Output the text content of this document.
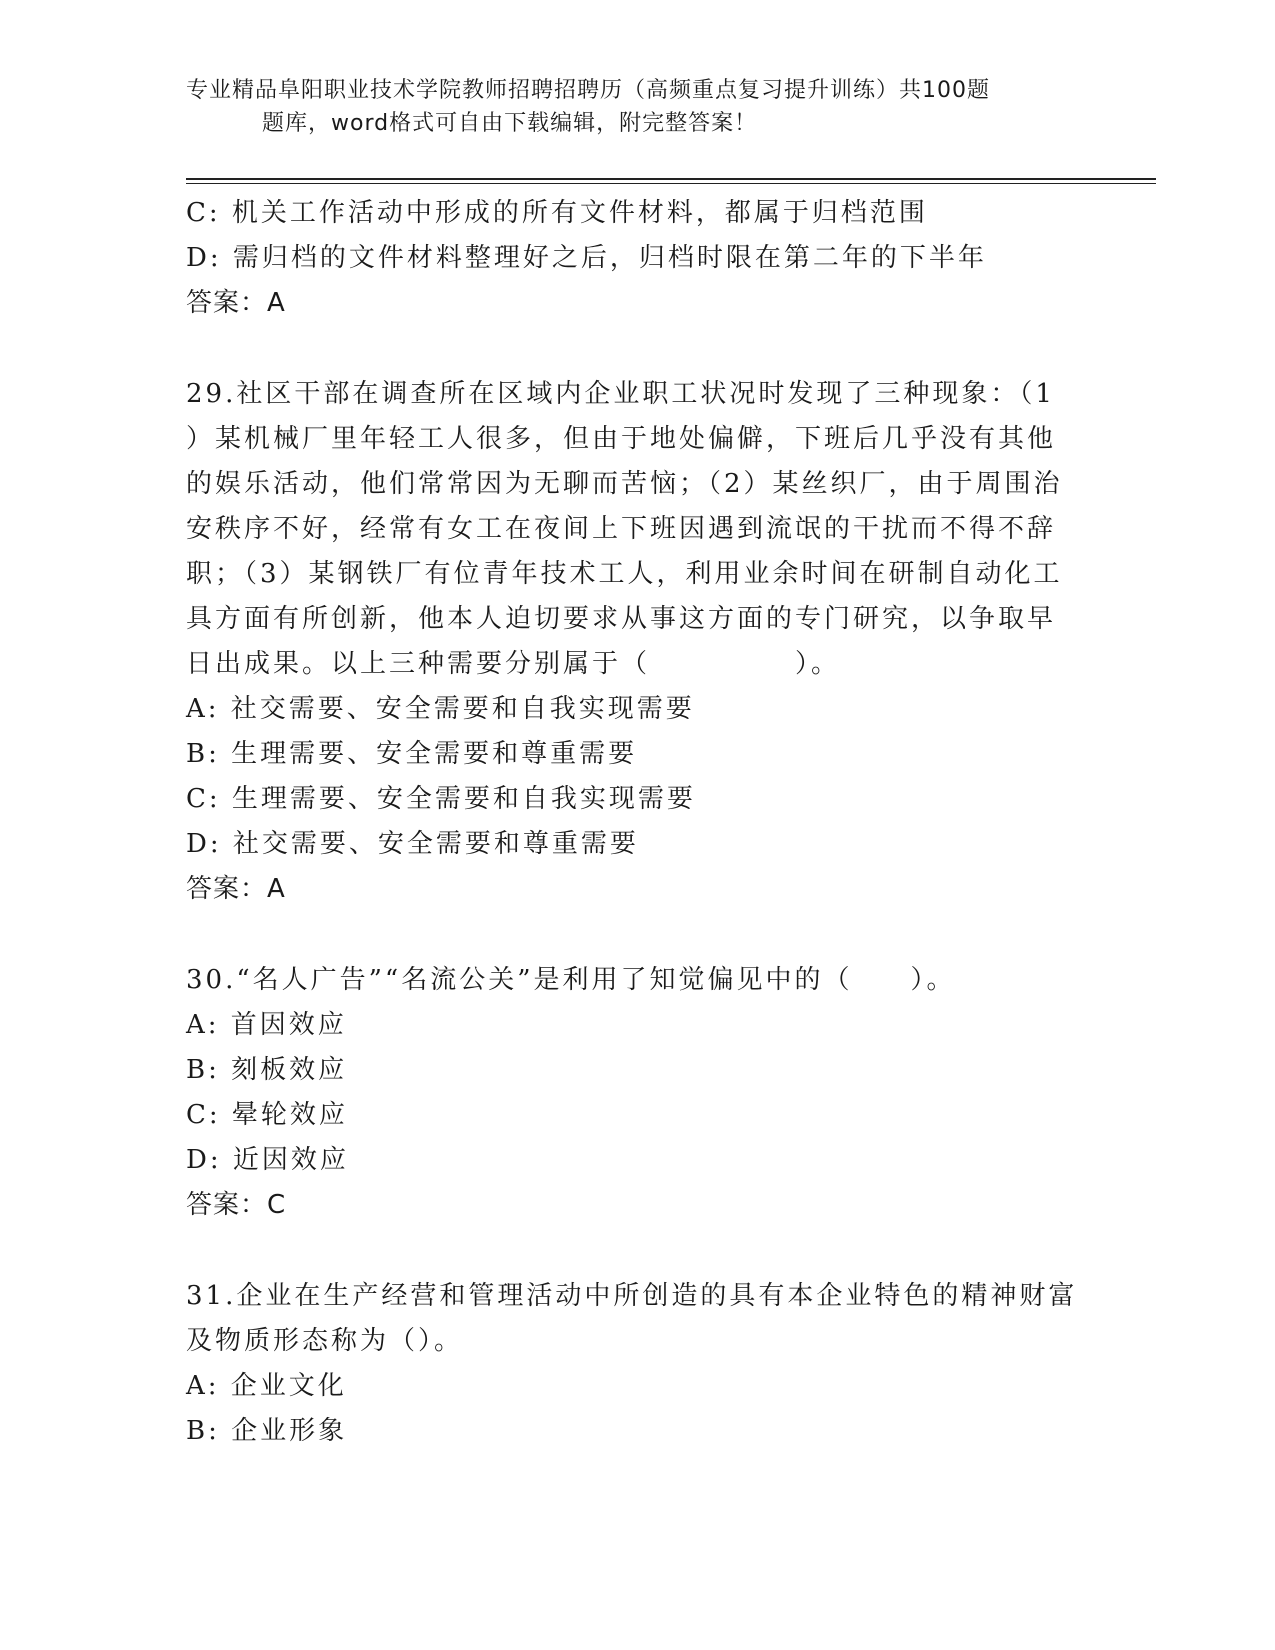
专业精品阜阳职业技术学院教师招聘招聘历（高频重点复习提升训练）共100题
题库，word格式可自由下载编辑，附完整答案！
C: 机关工作活动中形成的所有文件材料，都属于归档范围
D: 需归档的文件材料整理好之后，归档时限在第二年的下半年
答案：A
29.社区干部在调查所在区域内企业职工状况时发现了三种现象：（1
）某机械厂里年轻工人很多，但由于地处偏僻，下班后几乎没有其他
的娱乐活动，他们常常因为无聊而苦恼；（2）某丝织厂，由于周围治
安秩序不好，经常有女工在夜间上下班因遇到流氓的干扰而不得不辞
职；（3）某钢铁厂有位青年技术工人，利用业余时间在研制自动化工
具方面有所创新，他本人迫切要求从事这方面的专门研究，以争取早
日出成果。以上三种需要分别属于（　　　　　）。
A: 社交需要、安全需要和自我实现需要
B: 生理需要、安全需要和尊重需要
C: 生理需要、安全需要和自我实现需要
D: 社交需要、安全需要和尊重需要
答案：A
30.“名人广告”“名流公关”是利用了知觉偏见中的（　　）。
A: 首因效应
B: 刻板效应
C: 晕轮效应
D: 近因效应
答案：C
31.企业在生产经营和管理活动中所创造的具有本企业特色的精神财富
及物质形态称为（）。
A: 企业文化
B: 企业形象
